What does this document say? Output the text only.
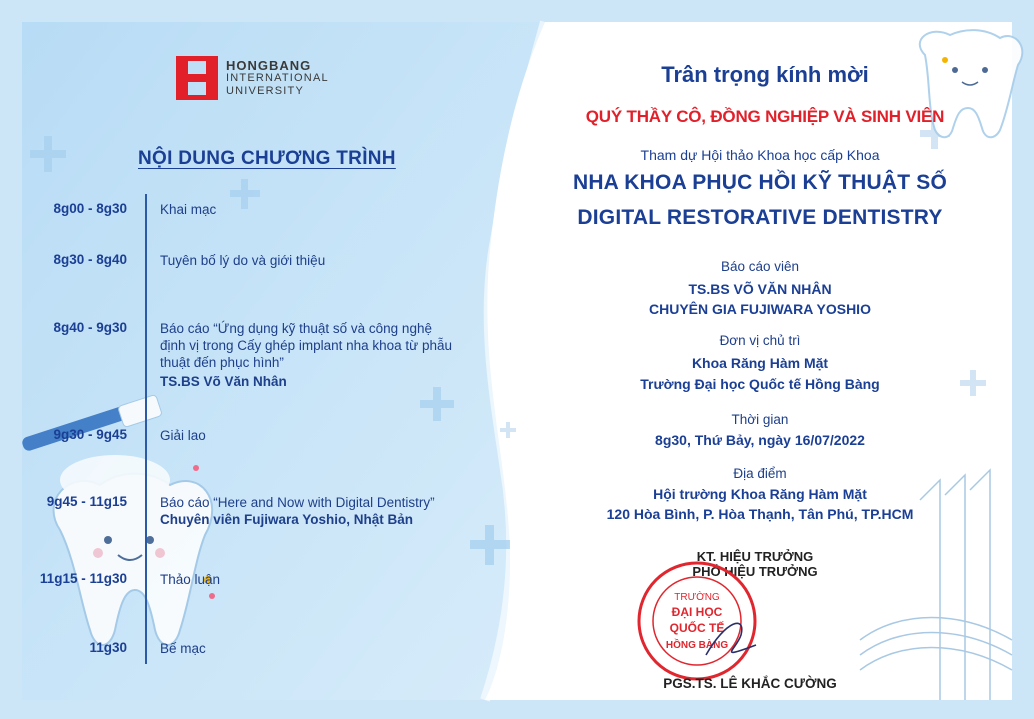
HONGBANG
INTERNATIONAL
UNIVERSITY
NỘI DUNG CHƯƠNG TRÌNH
8g00 - 8g30 Khai mạc
8g30 - 8g40 Tuyên bố lý do và giới thiệu
8g40 - 9g30 Báo cáo “Ứng dụng kỹ thuật số và công nghệ
định vị trong Cấy ghép implant nha khoa từ phẫu
thuật đến phục hình”
TS.BS Võ Văn Nhân
9g30 - 9g45 Giải lao
9g45 - 11g15 Báo cáo “Here and Now with Digital Dentistry”
Chuyên viên Fujiwara Yoshio, Nhật Bản
11g15 - 11g30 Thảo luận
11g30 Bế mạc
Trân trọng kính mời
QUÝ THẦY CÔ, ĐỒNG NGHIỆP VÀ SINH VIÊN
Tham dự Hội thảo Khoa học cấp Khoa
NHA KHOA PHỤC HỒI KỸ THUẬT SỐ
DIGITAL RESTORATIVE DENTISTRY
Báo cáo viên
TS.BS VÕ VĂN NHÂN
CHUYÊN GIA FUJIWARA YOSHIO
Đơn vị chủ trì
Khoa Răng Hàm Mặt
Trường Đại học Quốc tế Hồng Bàng
Thời gian
8g30, Thứ Bảy, ngày 16/07/2022
Địa điểm
Hội trường Khoa Răng Hàm Mặt
120 Hòa Bình, P. Hòa Thạnh, Tân Phú, TP.HCM
KT. HIỆU TRƯỞNG
PHÓ HIỆU TRƯỞNG
TRƯỜNG
ĐẠI HỌC
QUỐC TẾ
HỒNG BÀNG
PGS.TS. LÊ KHẮC CƯỜNG
